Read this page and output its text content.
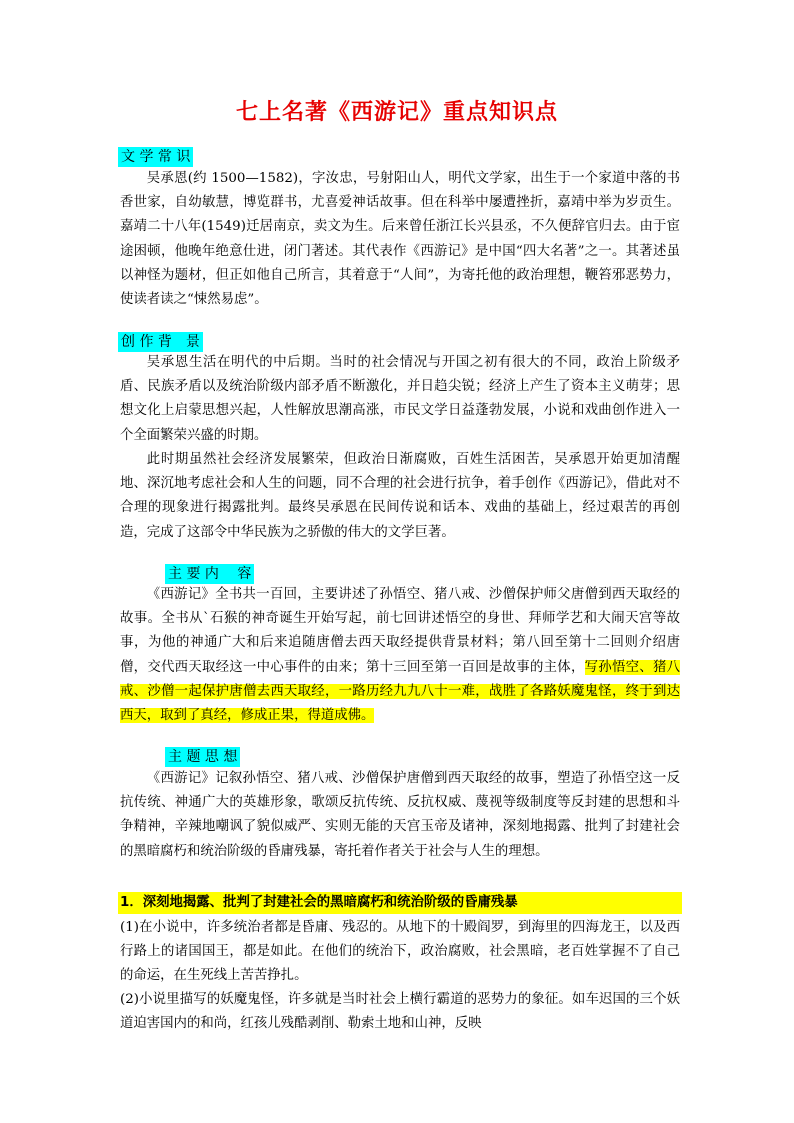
七上名著《西游记》重点知识点
文 学 常 识

吴承恩(约 1500—1582)，字汝忠，号射阳山人，明代文学家，出生于一个家道中落的书香世家，自幼敏慧，博览群书，尤喜爱神话故事。但在科举中屡遭挫折，嘉靖中举为岁贡生。嘉靖二十八年(1549)迁居南京，卖文为生。后来曾任浙江长兴县丞，不久便辞官归去。由于宦途困顿，他晚年绝意仕进，闭门著述。其代表作《西游记》是中国“四大名著”之一。其著述虽以神怪为题材，但正如他自己所言，其着意于“人间”，为寄托他的政治理想，鞭笞邪恶势力，使读者读之“悚然易虑”。

创 作 背　景

吴承恩生活在明代的中后期。当时的社会情况与开国之初有很大的不同，政治上阶级矛盾、民族矛盾以及统治阶级内部矛盾不断激化，并日趋尖锐；经济上产生了资本主义萌芽；思想文化上启蒙思想兴起，人性解放思潮高涨，市民文学日益蓬勃发展，小说和戏曲创作进入一个全面繁荣兴盛的时期。

此时期虽然社会经济发展繁荣，但政治日渐腐败，百姓生活困苦，吴承恩开始更加清醒地、深沉地考虑社会和人生的问题，同不合理的社会进行抗争，着手创作《西游记》，借此对不合理的现象进行揭露批判。最终吴承恩在民间传说和话本、戏曲的基础上，经过艰苦的再创造，完成了这部令中华民族为之骄傲的伟大的文学巨著。

主 要 内　 容

《西游记》全书共一百回，主要讲述了孙悟空、猪八戒、沙僧保护师父唐僧到西天取经的故事。全书从`石猴的神奇诞生开始写起，前七回讲述悟空的身世、拜师学艺和大闹天宫等故事，为他的神通广大和后来追随唐僧去西天取经提供背景材料；第八回至第十二回则介绍唐僧，交代西天取经这一中心事件的由来；第十三回至第一百回是故事的主体，写孙悟空、猪八戒、沙僧一起保护唐僧去西天取经，一路历经九九八十一难，战胜了各路妖魔鬼怪，终于到达西天，取到了真经，修成正果，得道成佛。

主 题 思 想

《西游记》记叙孙悟空、猪八戒、沙僧保护唐僧到西天取经的故事，塑造了孙悟空这一反抗传统、神通广大的英雄形象，歌颂反抗传统、反抗权威、蔑视等级制度等反封建的思想和斗争精神，辛辣地嘲讽了貌似威严、实则无能的天宫玉帝及诸神，深刻地揭露、批判了封建社会的黑暗腐朽和统治阶级的昏庸残暴，寄托着作者关于社会与人生的理想。

1．深刻地揭露、批判了封建社会的黑暗腐朽和统治阶级的昏庸残暴

(1)在小说中，许多统治者都是昏庸、残忍的。从地下的十殿阎罗，到海里的四海龙王，以及西行路上的诸国国王，都是如此。在他们的统治下，政治腐败，社会黑暗，老百姓掌握不了自己的命运，在生死线上苦苦挣扎。

(2)小说里描写的妖魔鬼怪，许多就是当时社会上横行霸道的恶势力的象征。如车迟国的三个妖道迫害国内的和尚，红孩儿残酷剥削、勒索土地和山神，反映
